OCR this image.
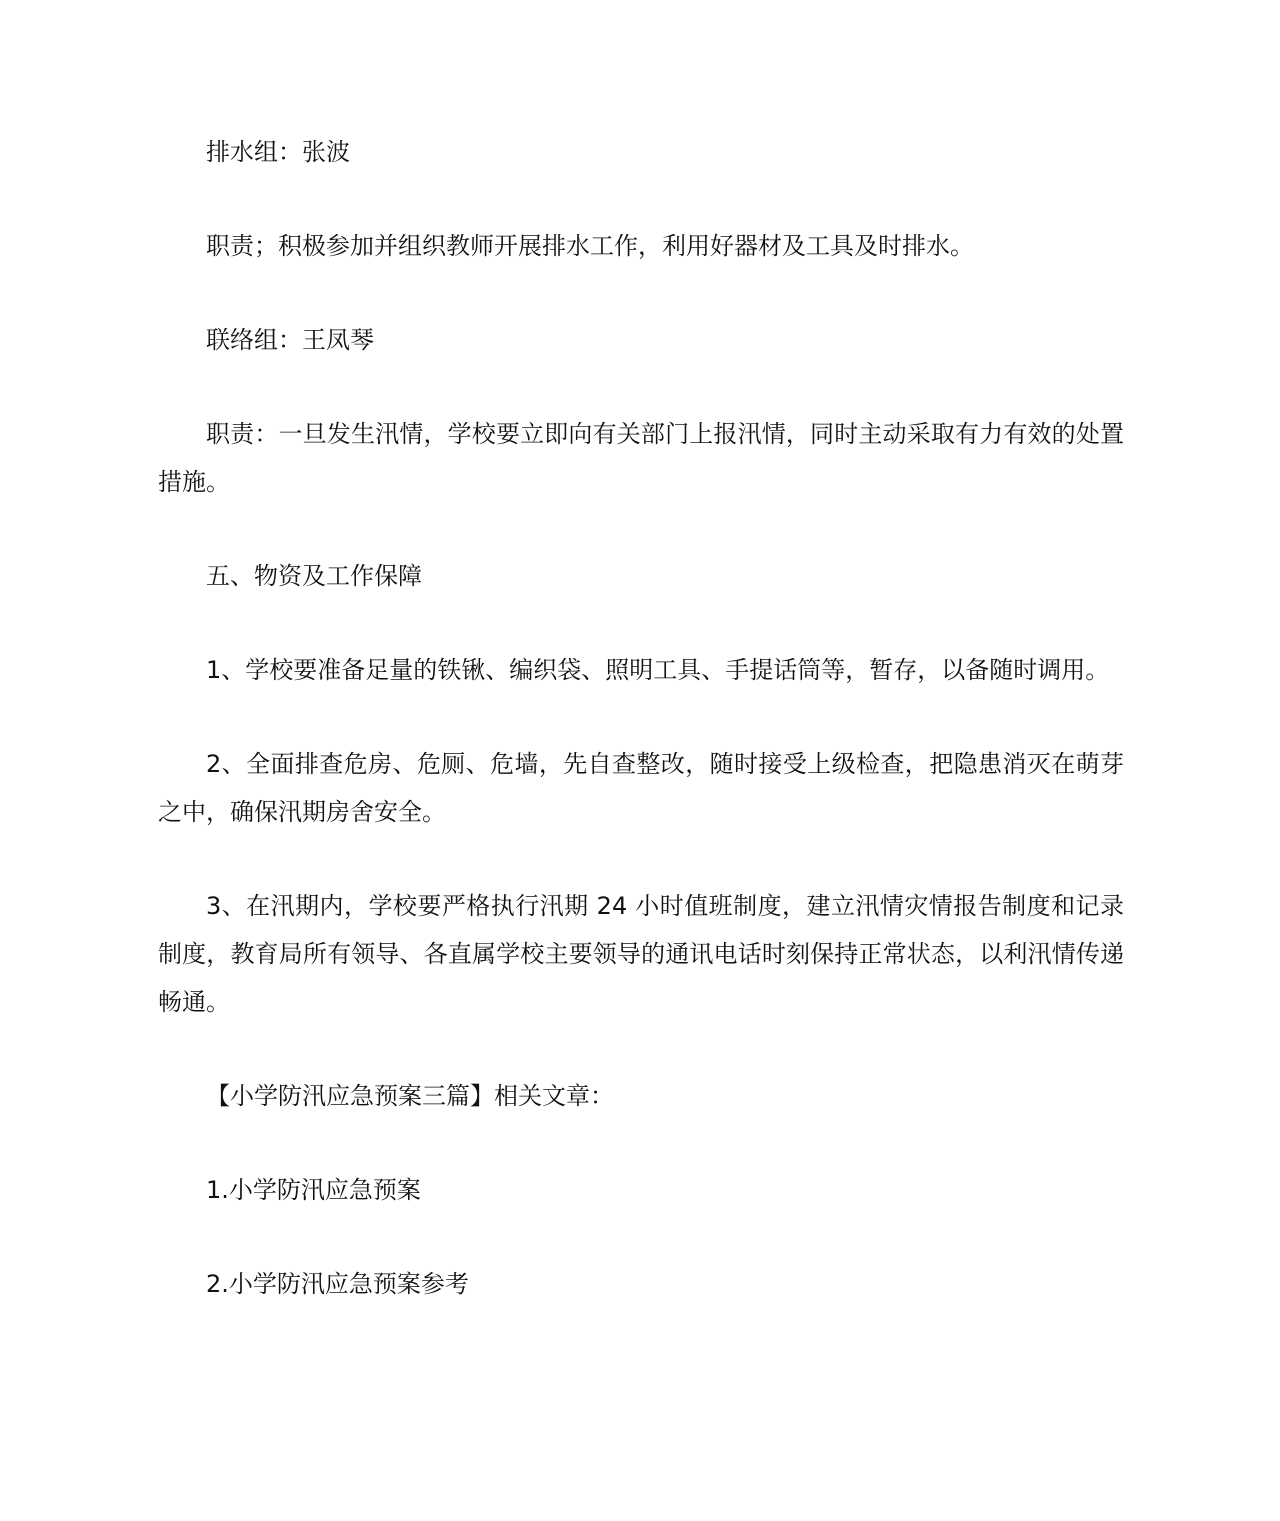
排水组：张波

职责；积极参加并组织教师开展排水工作，利用好器材及工具及时排水。

联络组：王凤琴

职责：一旦发生汛情，学校要立即向有关部门上报汛情，同时主动采取有力有效的处置措施。

五、物资及工作保障

1、学校要准备足量的铁锹、编织袋、照明工具、手提话筒等，暂存，以备随时调用。

2、全面排查危房、危厕、危墙，先自查整改，随时接受上级检查，把隐患消灭在萌芽之中，确保汛期房舍安全。

3、在汛期内，学校要严格执行汛期 24 小时值班制度，建立汛情灾情报告制度和记录制度，教育局所有领导、各直属学校主要领导的通讯电话时刻保持正常状态，以利汛情传递畅通。

【小学防汛应急预案三篇】相关文章：

1.小学防汛应急预案

2.小学防汛应急预案参考
